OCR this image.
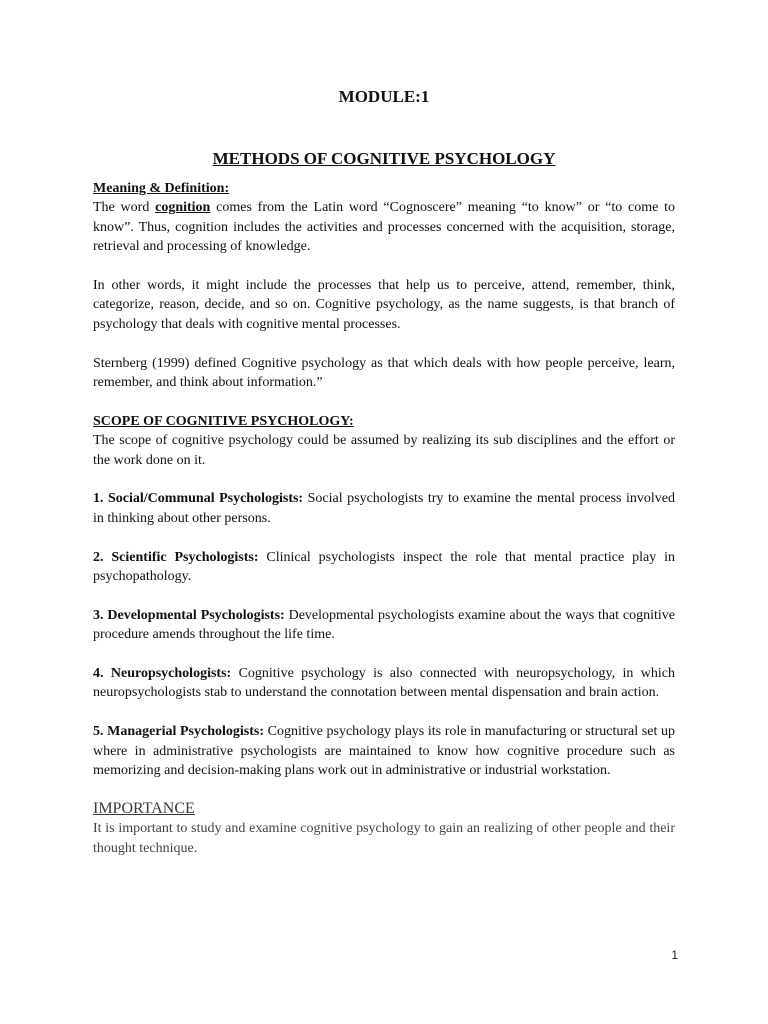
MODULE:1
METHODS OF COGNITIVE PSYCHOLOGY

Meaning & Definition:

The word cognition comes from the Latin word “Cognoscere” meaning “to know” or “to come to know”. Thus, cognition includes the activities and processes concerned with the acquisition, storage, retrieval and processing of knowledge.

In other words, it might include the processes that help us to perceive, attend, remember, think, categorize, reason, decide, and so on. Cognitive psychology, as the name suggests, is that branch of psychology that deals with cognitive mental processes.

Sternberg (1999) defined Cognitive psychology as that which deals with how people perceive, learn, remember, and think about information.”

SCOPE OF COGNITIVE PSYCHOLOGY:

The scope of cognitive psychology could be assumed by realizing its sub disciplines and the effort or the work done on it.

1. Social/Communal Psychologists: Social psychologists try to examine the mental process involved in thinking about other persons.

2. Scientific Psychologists: Clinical psychologists inspect the role that mental practice play in psychopathology.

3. Developmental Psychologists: Developmental psychologists examine about the ways that cognitive procedure amends throughout the life time.

4. Neuropsychologists: Cognitive psychology is also connected with neuropsychology, in which neuropsychologists stab to understand the connotation between mental dispensation and brain action.

5. Managerial Psychologists: Cognitive psychology plays its role in manufacturing or structural set up where in administrative psychologists are maintained to know how cognitive procedure such as memorizing and decision-making plans work out in administrative or industrial workstation.

IMPORTANCE

It is important to study and examine cognitive psychology to gain an realizing of other people and their thought technique.

1
